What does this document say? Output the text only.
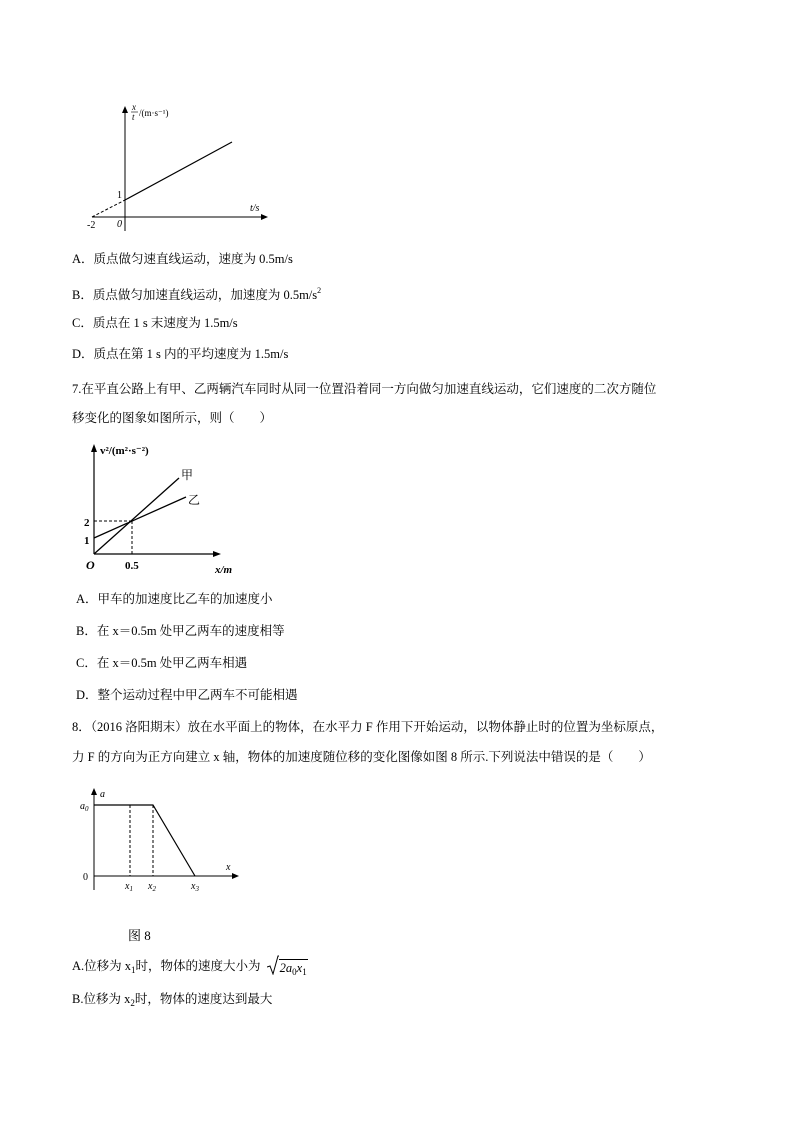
x
t /(m·s⁻¹)
1
0
-2
t/s
A．质点做匀速直线运动，速度为 0.5m/s
B．质点做匀加速直线运动，加速度为 $0.5m/s^2$
C．质点在 1 s 末速度为 1.5m/s
D．质点在第 1 s 内的平均速度为 1.5m/s
7.在平直公路上有甲、乙两辆汽车同时从同一位置沿着同一方向做匀加速直线运动，它们速度的二次方随位
移变化的图象如图所示，则（　　）
v²/(m²·s⁻²)
甲
乙
2
1
O	0.5	x/m
A．甲车的加速度比乙车的加速度小
B．在 x＝0.5m 处甲乙两车的速度相等
C．在 x＝0.5m 处甲乙两车相遇
D．整个运动过程中甲乙两车不可能相遇
8．（2016 洛阳期末）放在水平面上的物体，在水平力 F 作用下开始运动，以物体静止时的位置为坐标原点，
力 F 的方向为正方向建立 x 轴，物体的加速度随位移的变化图像如图 8 所示.下列说法中错误的是（　　）
a
$a_0$
0
x
$x_1$ $x_2$	$x_3$
图 8
A.位移为 $x_1$时，物体的速度大小为 $2a_0x_1$
B.位移为 $x_2$时，物体的速度达到最大
